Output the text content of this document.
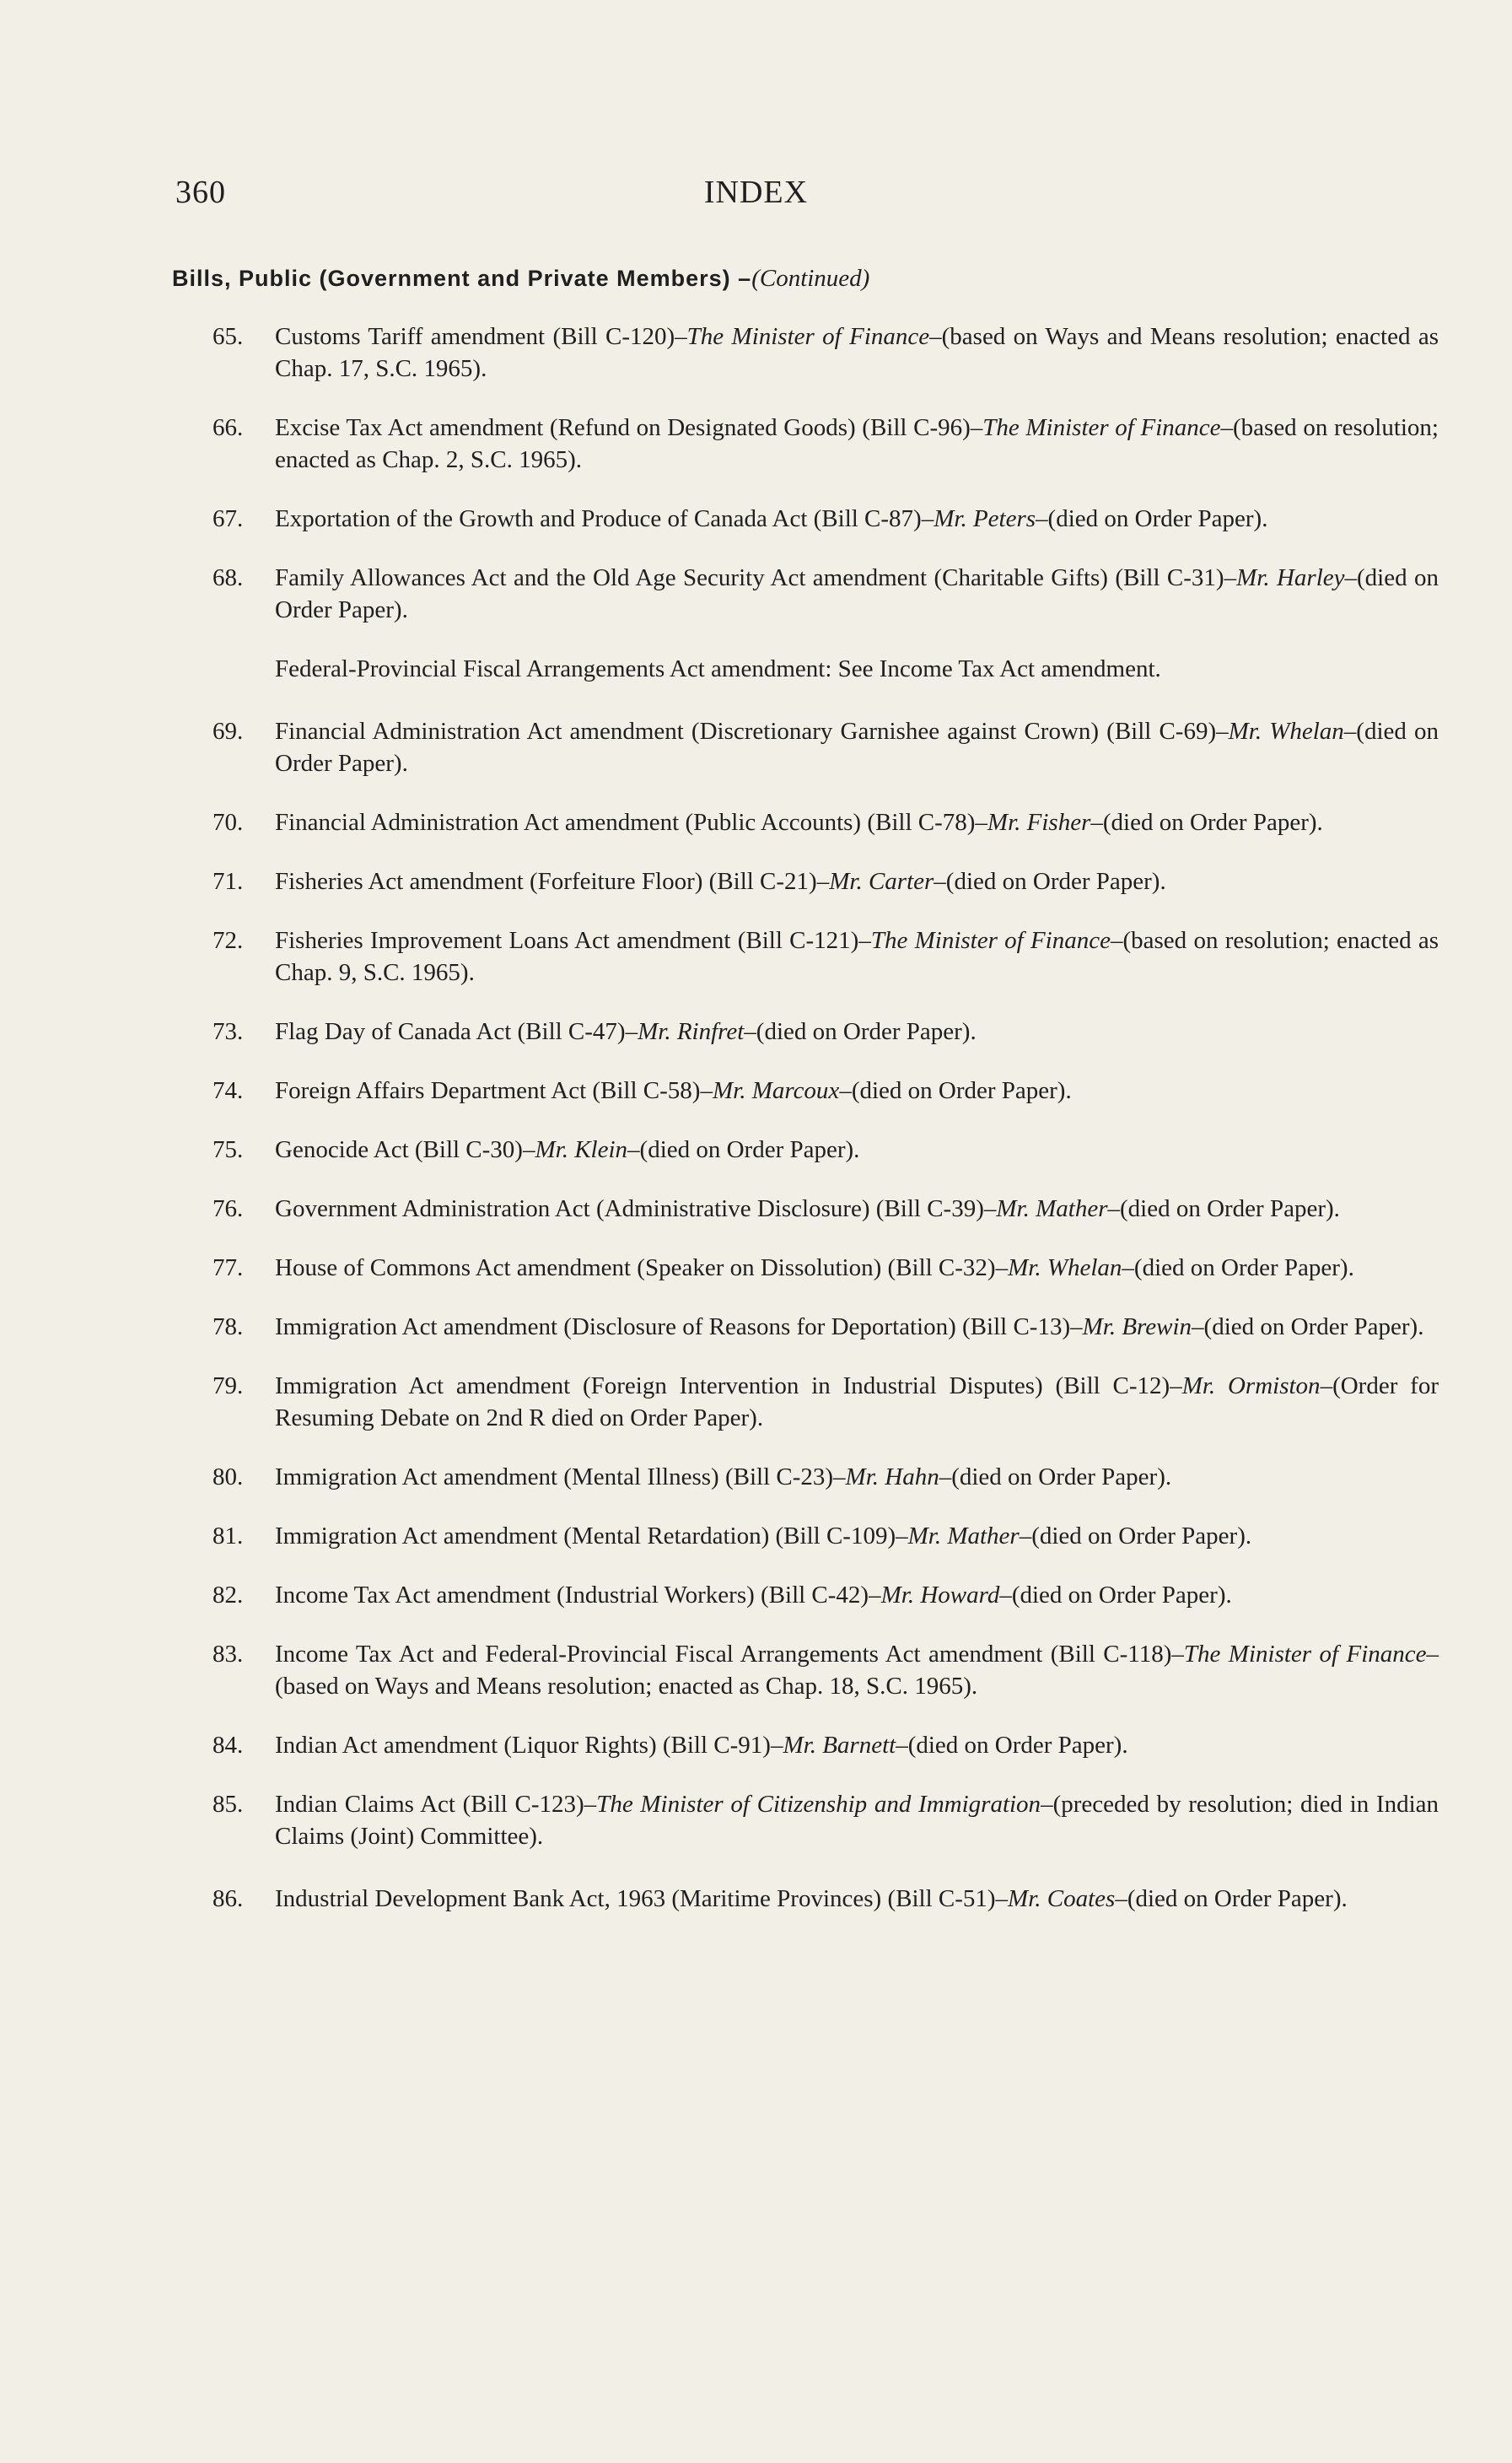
360	INDEX
Bills, Public (Government and Private Members) –(Continued)
65. Customs Tariff amendment (Bill C-120)–The Minister of Finance–(based on Ways and Means resolution; enacted as Chap. 17, S.C. 1965).
66. Excise Tax Act amendment (Refund on Designated Goods) (Bill C-96)–The Minister of Finance–(based on resolution; enacted as Chap. 2, S.C. 1965).
67. Exportation of the Growth and Produce of Canada Act (Bill C-87)–Mr. Peters–(died on Order Paper).
68. Family Allowances Act and the Old Age Security Act amendment (Charitable Gifts) (Bill C-31)–Mr. Harley–(died on Order Paper).
Federal-Provincial Fiscal Arrangements Act amendment: See Income Tax Act amendment.
69. Financial Administration Act amendment (Discretionary Garnishee against Crown) (Bill C-69)–Mr. Whelan–(died on Order Paper).
70. Financial Administration Act amendment (Public Accounts) (Bill C-78)–Mr. Fisher–(died on Order Paper).
71. Fisheries Act amendment (Forfeiture Floor) (Bill C-21)–Mr. Carter–(died on Order Paper).
72. Fisheries Improvement Loans Act amendment (Bill C-121)–The Minister of Finance–(based on resolution; enacted as Chap. 9, S.C. 1965).
73. Flag Day of Canada Act (Bill C-47)–Mr. Rinfret–(died on Order Paper).
74. Foreign Affairs Department Act (Bill C-58)–Mr. Marcoux–(died on Order Paper).
75. Genocide Act (Bill C-30)–Mr. Klein–(died on Order Paper).
76. Government Administration Act (Administrative Disclosure) (Bill C-39)–Mr. Mather–(died on Order Paper).
77. House of Commons Act amendment (Speaker on Dissolution) (Bill C-32)–Mr. Whelan–(died on Order Paper).
78. Immigration Act amendment (Disclosure of Reasons for Deportation) (Bill C-13)–Mr. Brewin–(died on Order Paper).
79. Immigration Act amendment (Foreign Intervention in Industrial Disputes) (Bill C-12)–Mr. Ormiston–(Order for Resuming Debate on 2nd R died on Order Paper).
80. Immigration Act amendment (Mental Illness) (Bill C-23)–Mr. Hahn–(died on Order Paper).
81. Immigration Act amendment (Mental Retardation) (Bill C-109)–Mr. Mather–(died on Order Paper).
82. Income Tax Act amendment (Industrial Workers) (Bill C-42)–Mr. Howard–(died on Order Paper).
83. Income Tax Act and Federal-Provincial Fiscal Arrangements Act amendment (Bill C-118)–The Minister of Finance–(based on Ways and Means resolution; enacted as Chap. 18, S.C. 1965).
84. Indian Act amendment (Liquor Rights) (Bill C-91)–Mr. Barnett–(died on Order Paper).
85. Indian Claims Act (Bill C-123)–The Minister of Citizenship and Immigration–(preceded by resolution; died in Indian Claims (Joint) Committee).
86. Industrial Development Bank Act, 1963 (Maritime Provinces) (Bill C-51)–Mr. Coates–(died on Order Paper).
